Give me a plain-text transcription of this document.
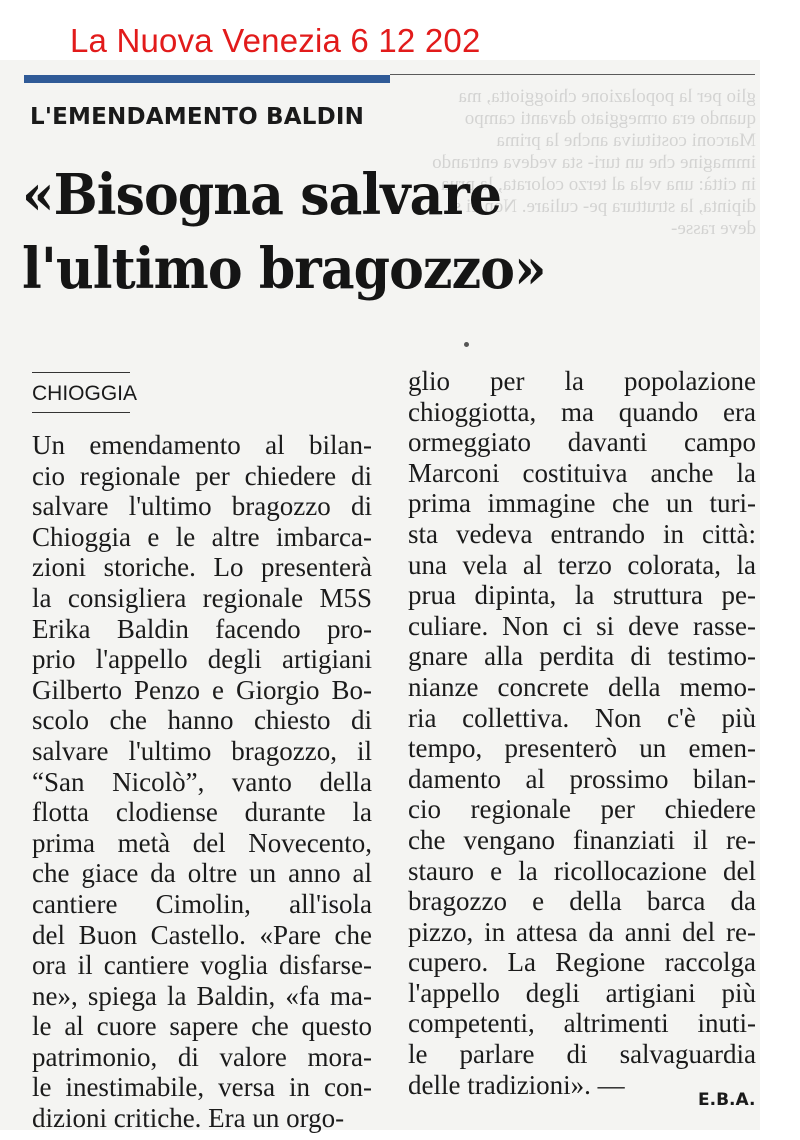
La Nuova Venezia 6 12 202
glio per la popolazione chioggiotta, ma quando era ormeggiato davanti campo Marconi costituiva anche la prima immagine che un turi- sta vedeva entrando in città: una vela al terzo colorata, la prua dipinta, la struttura pe- culiare. Non ci si deve rasse-
L'EMENDAMENTO BALDIN
«Bisogna salvare
l'ultimo bragozzo»
CHIOGGIA
Un emendamento al bilan-
cio regionale per chiedere di
salvare l'ultimo bragozzo di
Chioggia e le altre imbarca-
zioni storiche. Lo presenterà
la consigliera regionale M5S
Erika Baldin facendo pro-
prio l'appello degli artigiani
Gilberto Penzo e Giorgio Bo-
scolo che hanno chiesto di
salvare l'ultimo bragozzo, il
“San Nicolò”, vanto della
flotta clodiense durante la
prima metà del Novecento,
che giace da oltre un anno al
cantiere Cimolin, all'isola
del Buon Castello. «Pare che
ora il cantiere voglia disfarse-
ne», spiega la Baldin, «fa ma-
le al cuore sapere che questo
patrimonio, di valore mora-
le inestimabile, versa in con-
dizioni critiche. Era un orgo-
glio per la popolazione
chioggiotta, ma quando era
ormeggiato davanti campo
Marconi costituiva anche la
prima immagine che un turi-
sta vedeva entrando in città:
una vela al terzo colorata, la
prua dipinta, la struttura pe-
culiare. Non ci si deve rasse-
gnare alla perdita di testimo-
nianze concrete della memo-
ria collettiva. Non c'è più
tempo, presenterò un emen-
damento al prossimo bilan-
cio regionale per chiedere
che vengano finanziati il re-
stauro e la ricollocazione del
bragozzo e della barca da
pizzo, in attesa da anni del re-
cupero. La Regione raccolga
l'appello degli artigiani più
competenti, altrimenti inuti-
le parlare di salvaguardia
delle tradizioni». —
E.B.A.
